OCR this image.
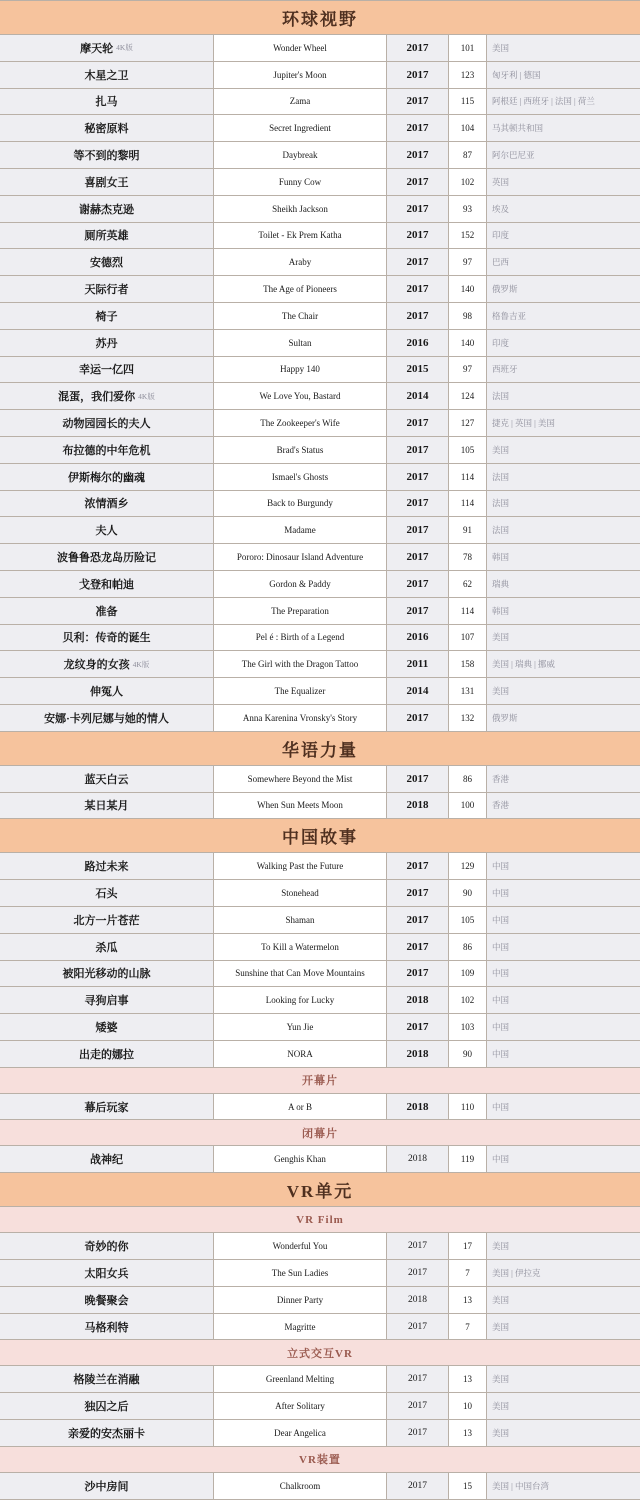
环球视野
摩天轮 4K版	Wonder Wheel	2017	101 美国
木星之卫	Jupiter's Moon	2017	123 匈牙利 | 德国
扎马	Zama	2017	115 阿根廷 | 西班牙 | 法国 | 荷兰
秘密原料	Secret Ingredient	2017	104 马其顿共和国
等不到的黎明	Daybreak	2017	87 阿尔巴尼亚
喜剧女王	Funny Cow	2017	102 英国
谢赫杰克逊	Sheikh Jackson	2017	93 埃及
厕所英雄	Toilet - Ek Prem Katha	2017	152 印度
安德烈	Araby	2017	97 巴西
天际行者	The Age of Pioneers	2017	140 俄罗斯
椅子	The Chair	2017	98 格鲁吉亚
苏丹	Sultan	2016	140 印度
幸运一亿四	Happy 140	2015	97 西班牙
混蛋，我们爱你 4K版	We Love You, Bastard	2014	124 法国
动物园园长的夫人	The Zookeeper's Wife	2017	127 捷克 | 英国 | 美国
布拉德的中年危机	Brad's Status	2017	105 美国
伊斯梅尔的幽魂	Ismael's Ghosts	2017	114 法国
浓情酒乡	Back to Burgundy	2017	114 法国
夫人	Madame	2017	91 法国
波鲁鲁恐龙岛历险记	Pororo: Dinosaur Island Adventure	2017	78 韩国
戈登和帕迪	Gordon & Paddy	2017	62 瑞典
准备	The Preparation	2017	114 韩国
贝利：传奇的诞生	Pel é : Birth of a Legend	2016	107 美国
龙纹身的女孩 4K版	The Girl with the Dragon Tattoo	2011	158 美国 | 瑞典 | 挪威
伸冤人	The Equalizer	2014	131 美国
安娜·卡列尼娜与她的情人	Anna Karenina Vronsky's Story	2017	132 俄罗斯
华语力量
蓝天白云	Somewhere Beyond the Mist	2017	86 香港
某日某月	When Sun Meets Moon	2018	100 香港
中国故事
路过未来	Walking Past the Future	2017	129 中国
石头	Stonehead	2017	90 中国
北方一片苍茫	Shaman	2017	105 中国
杀瓜	To Kill a Watermelon	2017	86 中国
被阳光移动的山脉	Sunshine that Can Move Mountains	2017	109 中国
寻狗启事	Looking for Lucky	2018	102 中国
矮婆	Yun Jie	2017	103 中国
出走的娜拉	NORA	2018	90 中国
开幕片
幕后玩家	A or B	2018	110 中国
闭幕片
战神纪	Genghis Khan	2018	119 中国
VR单元
VR Film
奇妙的你	Wonderful You	2017	17 美国
太阳女兵	The Sun Ladies	2017	7	美国 | 伊拉克
晚餐聚会	Dinner Party	2018	13 美国
马格利特	Magritte	2017	7	美国
立式交互VR
格陵兰在消融	Greenland Melting	2017	13 美国
独囚之后	After Solitary	2017	10 美国
亲爱的安杰丽卡	Dear Angelica	2017	13 美国
VR装置
沙中房间	Chalkroom	2017	15 美国 | 中国台湾
